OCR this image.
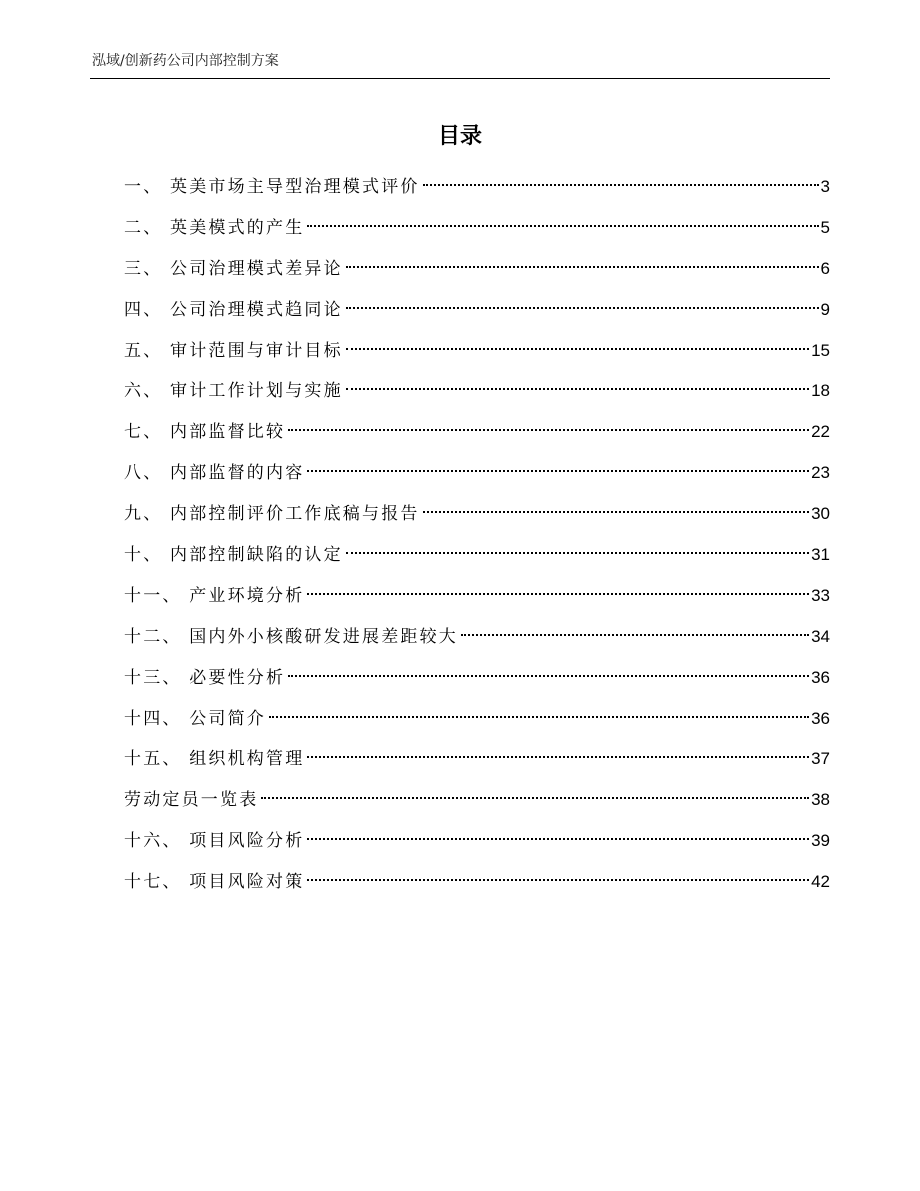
泓域/创新药公司内部控制方案
目录
一、 英美市场主导型治理模式评价	3
二、 英美模式的产生	5
三、 公司治理模式差异论	6
四、 公司治理模式趋同论	9
五、 审计范围与审计目标	15
六、 审计工作计划与实施	18
七、 内部监督比较	22
八、 内部监督的内容	23
九、 内部控制评价工作底稿与报告	30
十、 内部控制缺陷的认定	31
十一、 产业环境分析	33
十二、 国内外小核酸研发进展差距较大	34
十三、 必要性分析	36
十四、 公司简介	36
十五、 组织机构管理	37
劳动定员一览表	38
十六、 项目风险分析	39
十七、 项目风险对策	42
